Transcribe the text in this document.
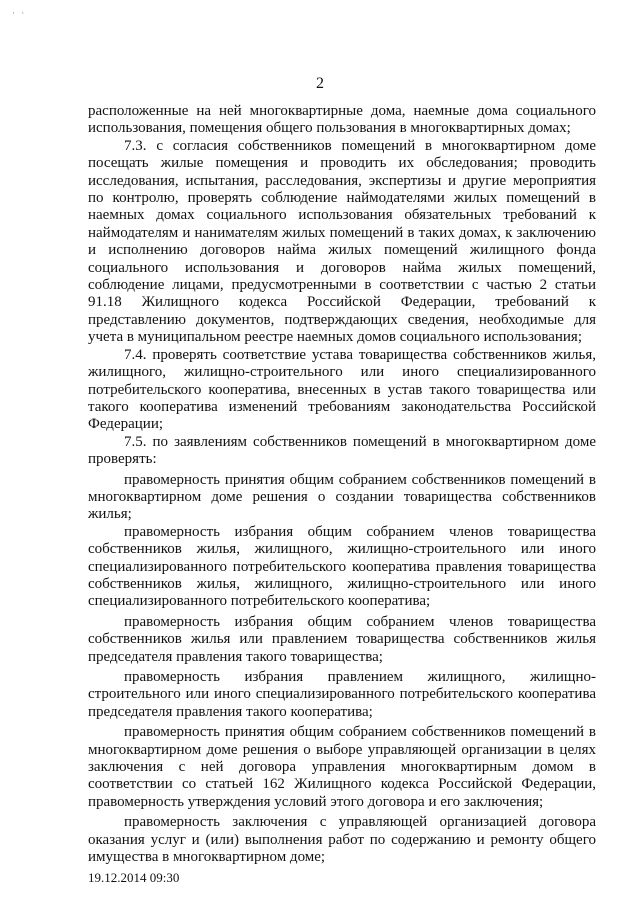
· ·
2

расположенные на ней многоквартирные дома, наемные дома социального использования, помещения общего пользования в многоквартирных домах;

7.3. с согласия собственников помещений в многоквартирном доме посещать жилые помещения и проводить их обследования; проводить исследования, испытания, расследования, экспертизы и другие мероприятия по контролю, проверять соблюдение наймодателями жилых помещений в наемных домах социального использования обязательных требований к наймодателям и нанимателям жилых помещений в таких домах, к заключению и исполнению договоров найма жилых помещений жилищного фонда социального использования и договоров найма жилых помещений, соблюдение лицами, предусмотренными в соответствии с частью 2 статьи 91.18 Жилищного кодекса Российской Федерации, требований к представлению документов, подтверждающих сведения, необходимые для учета в муниципальном реестре наемных домов социального использования;

7.4. проверять соответствие устава товарищества собственников жилья, жилищного, жилищно-строительного или иного специализированного потребительского кооператива, внесенных в устав такого товарищества или такого кооператива изменений требованиям законодательства Российской Федерации;

7.5. по заявлениям собственников помещений в многоквартирном доме проверять:

правомерность принятия общим собранием собственников помещений в многоквартирном доме решения о создании товарищества собственников жилья;

правомерность избрания общим собранием членов товарищества собственников жилья, жилищного, жилищно-строительного или иного специализированного потребительского кооператива правления товарищества собственников жилья, жилищного, жилищно-строительного или иного специализированного потребительского кооператива;

правомерность избрания общим собранием членов товарищества собственников жилья или правлением товарищества собственников жилья председателя правления такого товарищества;

правомерность избрания правлением жилищного, жилищно-строительного или иного специализированного потребительского кооператива председателя правления такого кооператива;

правомерность принятия общим собранием собственников помещений в многоквартирном доме решения о выборе управляющей организации в целях заключения с ней договора управления многоквартирным домом в соответствии со статьей 162 Жилищного кодекса Российской Федерации, правомерность утверждения условий этого договора и его заключения;

правомерность заключения с управляющей организацией договора оказания услуг и (или) выполнения работ по содержанию и ремонту общего имущества в многоквартирном доме;

19.12.2014 09:30
